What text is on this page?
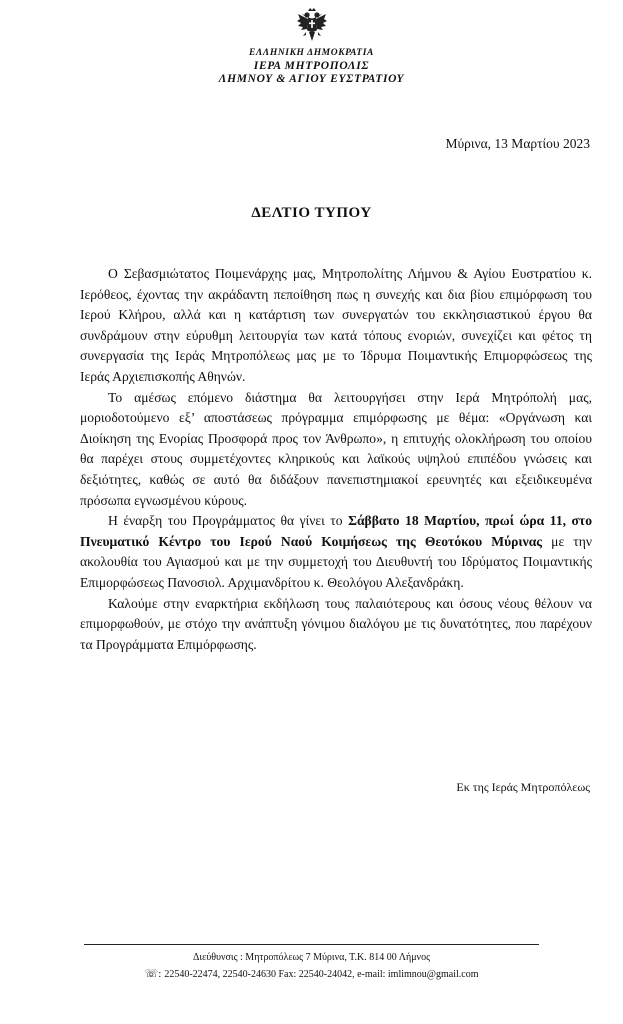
ΕΛΛΗΝΙΚΗ ΔΗΜΟΚΡΑΤΙΑ
ΙΕΡΑ ΜΗΤΡΟΠΟΛΙΣ
ΛΗΜΝΟΥ & ΑΓΙΟΥ ΕΥΣΤΡΑΤΙΟΥ
Μύρινα, 13 Μαρτίου 2023
ΔΕΛΤΙΟ ΤΥΠΟΥ

Ο Σεβασμιώτατος Ποιμενάρχης μας, Μητροπολίτης Λήμνου & Αγίου Ευστρατίου κ. Ιερόθεος, έχοντας την ακράδαντη πεποίθηση πως η συνεχής και δια βίου επιμόρφωση του Ιερού Κλήρου, αλλά και η κατάρτιση των συνεργατών του εκκλησιαστικού έργου θα συνδράμουν στην εύρυθμη λειτουργία των κατά τόπους ενοριών, συνεχίζει και φέτος τη συνεργασία της Ιεράς Μητροπόλεως μας με το Ίδρυμα Ποιμαντικής Επιμορφώσεως της Ιεράς Αρχιεπισκοπής Αθηνών.

Το αμέσως επόμενο διάστημα θα λειτουργήσει στην Ιερά Μητρόπολή μας, μοριοδοτούμενο εξ’ αποστάσεως πρόγραμμα επιμόρφωσης με θέμα: «Οργάνωση και Διοίκηση της Ενορίας Προσφορά προς τον Άνθρωπο», η επιτυχής ολοκλήρωση του οποίου θα παρέχει στους συμμετέχοντες κληρικούς και λαϊκούς υψηλού επιπέδου γνώσεις και δεξιότητες, καθώς σε αυτό θα διδάξουν πανεπιστημιακοί ερευνητές και εξειδικευμένα πρόσωπα εγνωσμένου κύρους.

Η έναρξη του Προγράμματος θα γίνει το Σάββατο 18 Μαρτίου, πρωί ώρα 11, στο Πνευματικό Κέντρο του Ιερού Ναού Κοιμήσεως της Θεοτόκου Μύρινας με την ακολουθία του Αγιασμού και με την συμμετοχή του Διευθυντή του Ιδρύματος Ποιμαντικής Επιμορφώσεως Πανοσιολ. Αρχιμανδρίτου κ. Θεολόγου Αλεξανδράκη.

Καλούμε στην εναρκτήρια εκδήλωση τους παλαιότερους και όσους νέους θέλουν να επιμορφωθούν, με στόχο την ανάπτυξη γόνιμου διαλόγου με τις δυνατότητες, που παρέχουν τα Προγράμματα Επιμόρφωσης.

Εκ της Ιεράς Μητροπόλεως
Διεύθυνσις : Μητροπόλεως 7 Μύρινα, Τ.Κ. 814 00 Λήμνος
☏: 22540-22474, 22540-24630 Fax: 22540-24042, e-mail: imlimnou@gmail.com
